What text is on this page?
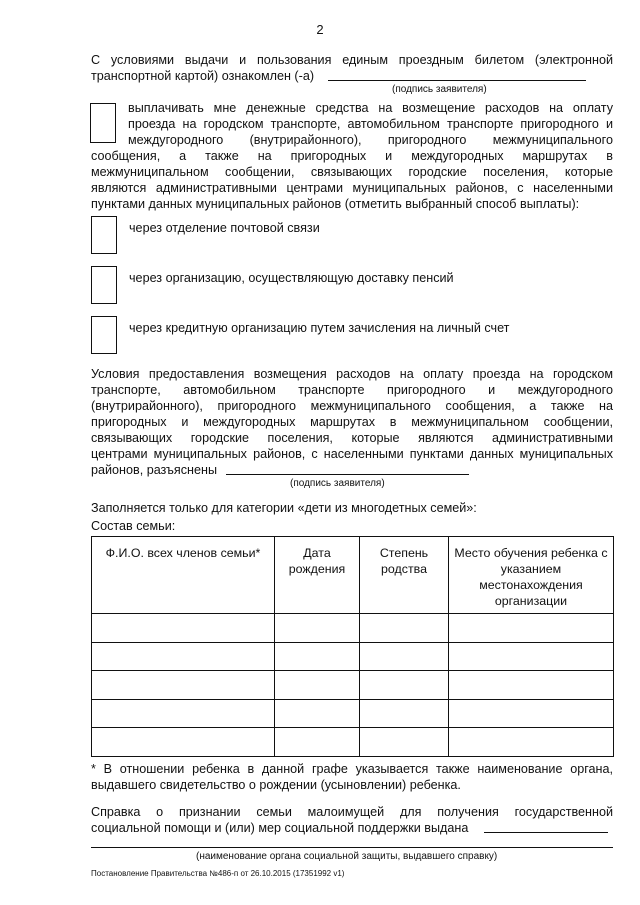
2
С условиями выдачи и пользования единым проездным билетом (электронной
транспортной картой) ознакомлен (-а)
(подпись заявителя)
выплачивать мне денежные средства на возмещение расходов на оплату
проезда на городском транспорте, автомобильном транспорте пригородного и
междугородного (внутрирайонного), пригородного межмуниципального
сообщения, а также на пригородных и междугородных маршрутах в
межмуниципальном сообщении, связывающих городские поселения, которые
являются административными центрами муниципальных районов, с населенными
пунктами данных муниципальных районов (отметить выбранный способ выплаты):
через отделение почтовой связи
через организацию, осуществляющую доставку пенсий
через кредитную организацию путем зачисления на личный счет
Условия предоставления возмещения расходов на оплату проезда на городском
транспорте, автомобильном транспорте пригородного и междугородного
(внутрирайонного), пригородного межмуниципального сообщения, а также на
пригородных и междугородных маршрутах в межмуниципальном сообщении,
связывающих городские поселения, которые являются административными
центрами муниципальных районов, с населенными пунктами данных муниципальных
районов, разъяснены
(подпись заявителя)
Заполняется только для категории «дети из многодетных семей»:
Состав семьи:
Ф.И.О. всех членов семьи*	Дата рождения	Степень родства	Место обучения ребенка с указанием местонахождения организации

* В отношении ребенка в данной графе указывается также наименование органа,
выдавшего свидетельство о рождении (усыновлении) ребенка.
Справка о признании семьи малоимущей для получения государственной
социальной помощи и (или) мер социальной поддержки выдана
(наименование органа социальной защиты, выдавшего справку)
Постановление Правительства №486-п от 26.10.2015 (17351992 v1)
